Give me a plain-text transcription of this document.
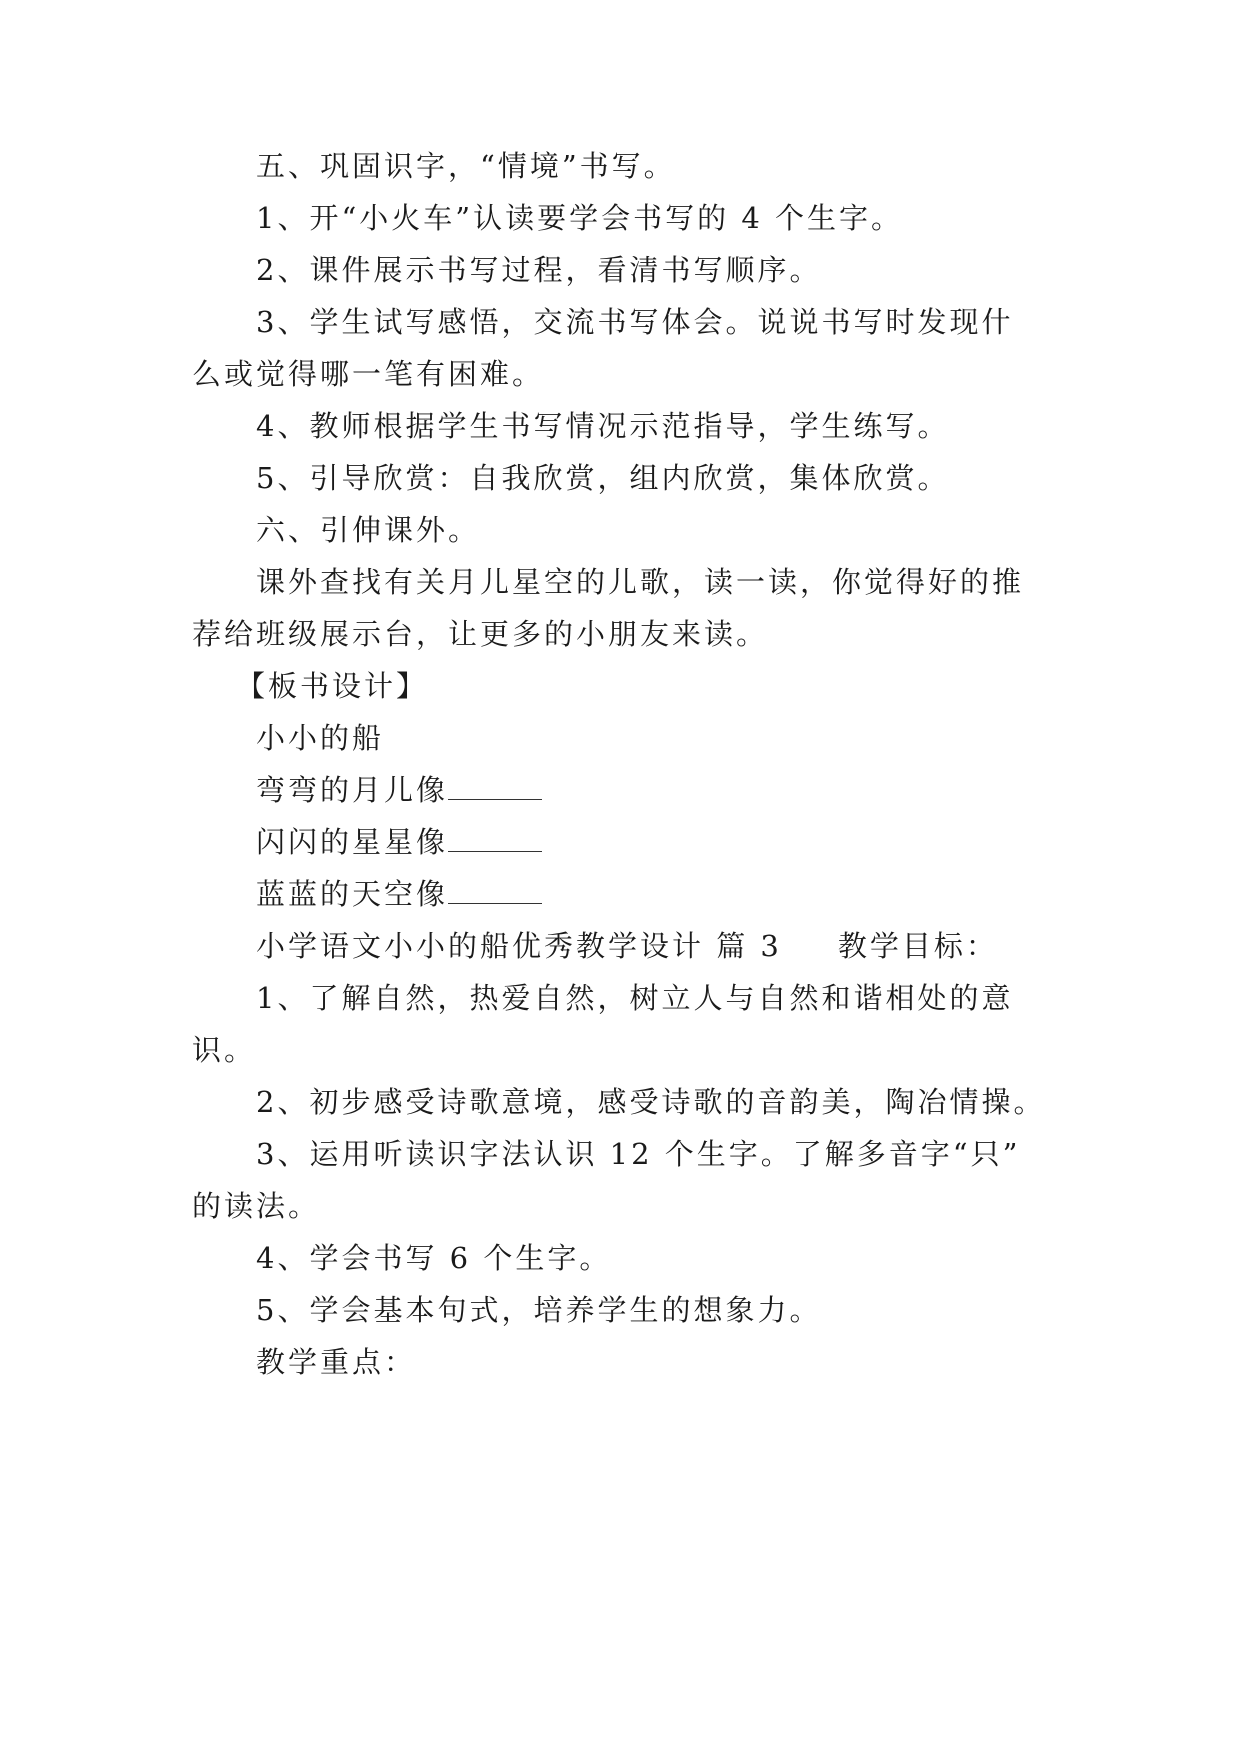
五、巩固识字，“情境”书写。
1、开“小火车”认读要学会书写的 4 个生字。
2、课件展示书写过程，看清书写顺序。
3、学生试写感悟，交流书写体会。说说书写时发现什
么或觉得哪一笔有困难。
4、教师根据学生书写情况示范指导，学生练写。
5、引导欣赏：自我欣赏，组内欣赏，集体欣赏。
六、引伸课外。
课外查找有关月儿星空的儿歌，读一读，你觉得好的推
荐给班级展示台，让更多的小朋友来读。
【板书设计】
小小的船
弯弯的月儿像
闪闪的星星像
蓝蓝的天空像
小学语文小小的船优秀教学设计 篇 3 教学目标：
1、了解自然，热爱自然，树立人与自然和谐相处的意
识。
2、初步感受诗歌意境，感受诗歌的音韵美，陶冶情操。
3、运用听读识字法认识 12 个生字。了解多音字“只”
的读法。
4、学会书写 6 个生字。
5、学会基本句式，培养学生的想象力。
教学重点：
